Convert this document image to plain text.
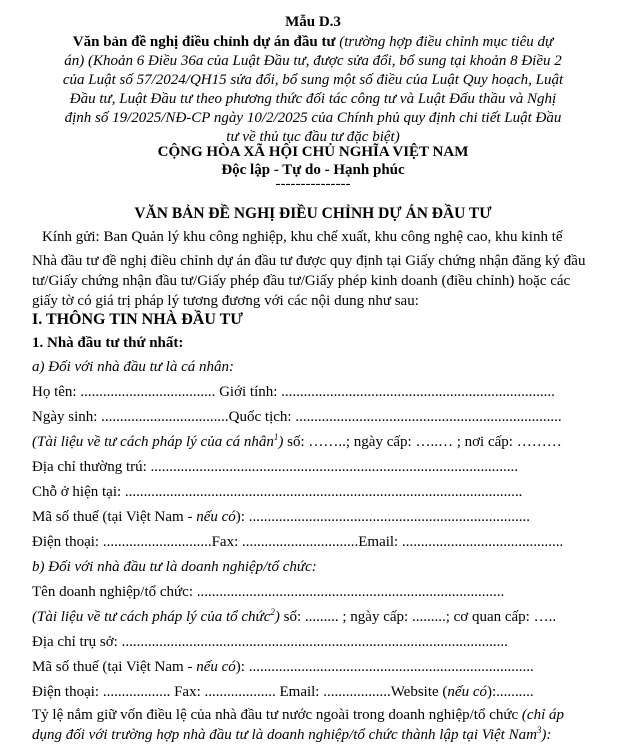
Mẫu D.3
Văn bản đề nghị điều chỉnh dự án đầu tư (trường hợp điều chỉnh mục tiêu dự án) (Khoản 6 Điều 36a của Luật Đầu tư, được sửa đổi, bổ sung tại khoản 8 Điều 2 của Luật số 57/2024/QH15 sửa đổi, bổ sung một số điều của Luật Quy hoạch, Luật Đầu tư, Luật Đầu tư theo phương thức đối tác công tư và Luật Đấu thầu và Nghị định số 19/2025/NĐ-CP ngày 10/2/2025 của Chính phủ quy định chi tiết Luật Đầu tư về thủ tục đầu tư đặc biệt)
CỘNG HÒA XÃ HỘI CHỦ NGHĨA VIỆT NAM
Độc lập - Tự do - Hạnh phúc
---------------
VĂN BẢN ĐỀ NGHỊ ĐIỀU CHỈNH DỰ ÁN ĐẦU TƯ
Kính gửi: Ban Quản lý khu công nghiệp, khu chế xuất, khu công nghệ cao, khu kinh tế
Nhà đầu tư đề nghị điều chỉnh dự án đầu tư được quy định tại Giấy chứng nhận đăng ký đầu tư/Giấy chứng nhận đầu tư/Giấy phép đầu tư/Giấy phép kinh doanh (điều chỉnh) hoặc các giấy tờ có giá trị pháp lý tương đương với các nội dung như sau:
I. THÔNG TIN NHÀ ĐẦU TƯ
1. Nhà đầu tư thứ nhất:
a) Đối với nhà đầu tư là cá nhân:
Họ tên: .................................... Giới tính: .........................................................................
Ngày sinh: ..................................Quốc tịch: .......................................................................
(Tài liệu về tư cách pháp lý của cá nhân$^1$) số: ……..; ngày cấp: …..… ; nơi cấp: ………
Địa chỉ thường trú: ..................................................................................................
Chỗ ở hiện tại: ..........................................................................................................
Mã số thuế (tại Việt Nam - nếu có): ...........................................................................
Điện thoại: .............................Fax: ...............................Email: ...........................................
b) Đối với nhà đầu tư là doanh nghiệp/tổ chức:
Tên doanh nghiệp/tổ chức: ..................................................................................
(Tài liệu về tư cách pháp lý của tổ chức$^2$) số: ......... ; ngày cấp: .........; cơ quan cấp: …..
Địa chỉ trụ sở: .......................................................................................................
Mã số thuế (tại Việt Nam - nếu có): ............................................................................
Điện thoại: .................. Fax: ................... Email: ..................Website (nếu có):..........
Tỷ lệ nắm giữ vốn điều lệ của nhà đầu tư nước ngoài trong doanh nghiệp/tổ chức (chỉ áp dụng đối với trường hợp nhà đầu tư là doanh nghiệp/tổ chức thành lập tại Việt Nam$^3$):
